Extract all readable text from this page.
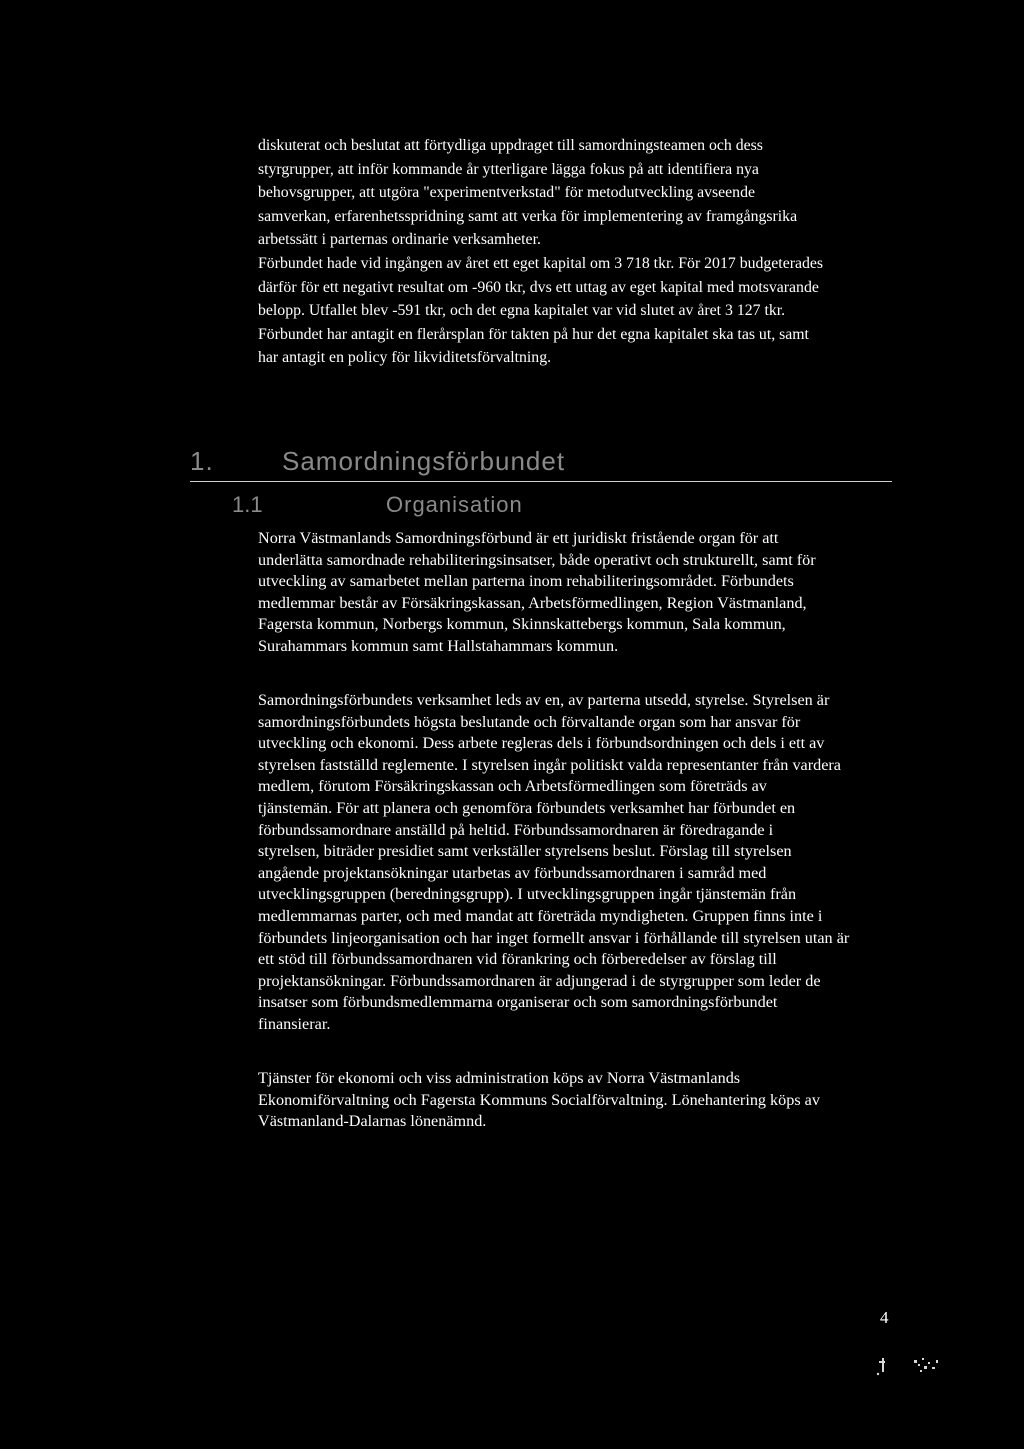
diskuterat och beslutat att förtydliga uppdraget till samordningsteamen och dess
styrgrupper, att inför kommande år ytterligare lägga fokus på att identifiera nya
behovsgrupper, att utgöra "experimentverkstad" för metodutveckling avseende
samverkan, erfarenhetsspridning samt att verka för implementering av framgångsrika
arbetssätt i parternas ordinarie verksamheter.
Förbundet hade vid ingången av året ett eget kapital om 3 718 tkr. För 2017 budgeterades
därför för ett negativt resultat om -960 tkr, dvs ett uttag av eget kapital med motsvarande
belopp. Utfallet blev -591 tkr, och det egna kapitalet var vid slutet av året 3 127 tkr.
Förbundet har antagit en flerårsplan för takten på hur det egna kapitalet ska tas ut, samt
har antagit en policy för likviditetsförvaltning.
1.	Samordningsförbundet
1.1	Organisation
Norra Västmanlands Samordningsförbund är ett juridiskt fristående organ för att
underlätta samordnade rehabiliteringsinsatser, både operativt och strukturellt, samt för
utveckling av samarbetet mellan parterna inom rehabiliteringsområdet. Förbundets
medlemmar består av Försäkringskassan, Arbetsförmedlingen, Region Västmanland,
Fagersta kommun, Norbergs kommun, Skinnskattebergs kommun, Sala kommun,
Surahammars kommun samt Hallstahammars kommun.
Samordningsförbundets verksamhet leds av en, av parterna utsedd, styrelse. Styrelsen är
samordningsförbundets högsta beslutande och förvaltande organ som har ansvar för
utveckling och ekonomi. Dess arbete regleras dels i förbundsordningen och dels i ett av
styrelsen fastställd reglemente. I styrelsen ingår politiskt valda representanter från vardera
medlem, förutom Försäkringskassan och Arbetsförmedlingen som företräds av
tjänstemän. För att planera och genomföra förbundets verksamhet har förbundet en
förbundssamordnare anställd på heltid. Förbundssamordnaren är föredragande i
styrelsen, biträder presidiet samt verkställer styrelsens beslut. Förslag till styrelsen
angående projektansökningar utarbetas av förbundssamordnaren i samråd med
utvecklingsgruppen (beredningsgrupp). I utvecklingsgruppen ingår tjänstemän från
medlemmarnas parter, och med mandat att företräda myndigheten. Gruppen finns inte i
förbundets linjeorganisation och har inget formellt ansvar i förhållande till styrelsen utan är
ett stöd till förbundssamordnaren vid förankring och förberedelser av förslag till
projektansökningar. Förbundssamordnaren är adjungerad i de styrgrupper som leder de
insatser som förbundsmedlemmarna organiserar och som samordningsförbundet
finansierar.
Tjänster för ekonomi och viss administration köps av Norra Västmanlands
Ekonomiförvaltning och Fagersta Kommuns Socialförvaltning. Lönehantering köps av
Västmanland-Dalarnas lönenämnd.
4
